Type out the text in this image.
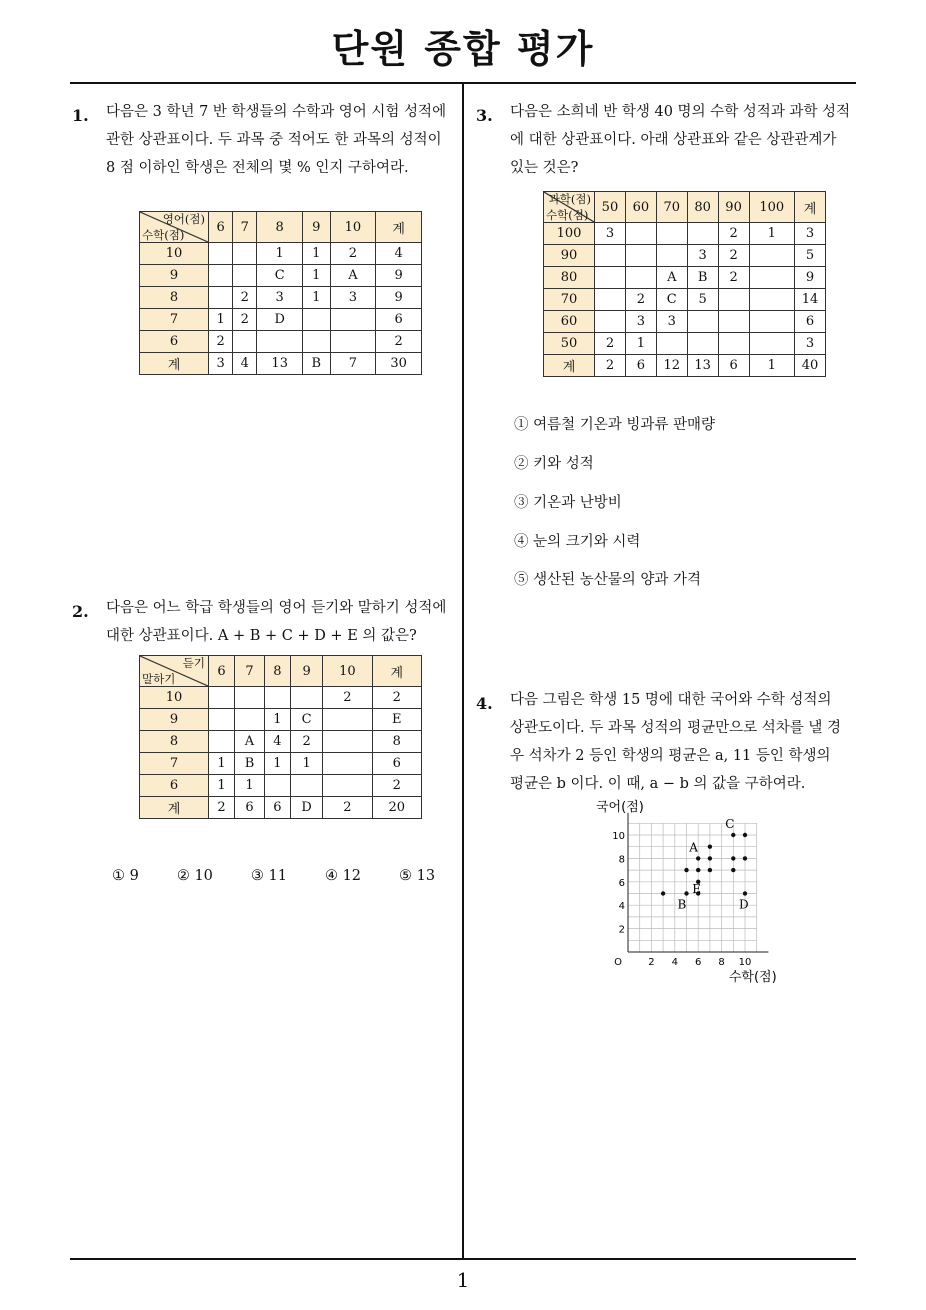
단원 종합 평가
1
1. 다음은 3 학년 7 반 학생들의 수학과 영어 시험 성적에
관한 상관표이다. 두 과목 중 적어도 한 과목의 성적이
8 점 이하인 학생은 전체의 몇 % 인지 구하여라.
영어(점)
수학(점)	6	7	8	9	10	계
10			1	1	2	4
9			C	1	A	9
8		2	3	1	3	9
7	1	2	D			6
6	2					2
계	3	4	13	B	7	30
2. 다음은 어느 학급 학생들의 영어 듣기와 말하기 성적에
대한 상관표이다. A + B + C + D + E 의 값은?
듣기
말하기	6	7	8	9	10	계
10					2	2
9			1	C		E
8		A	4	2		8
7	1	B	1	1		6
6	1	1				2
계	2	6	6	D	2	20
① 9	② 10	③ 11	④ 12	⑤ 13
3. 다음은 소희네 반 학생 40 명의 수학 성적과 과학 성적
에 대한 상관표이다. 아래 상관표와 같은 상관관계가
있는 것은?
과학(점)
수학(점)	50	60	70	80	90	100	계
100	3				2	1	3
90				3	2		5
80			A	B	2		9
70		2	C	5			14
60		3	3				6
50	2	1					3
계	2	6	12	13	6	1	40
① 여름철 기온과 빙과류 판매량
② 키와 성적
③ 기온과 난방비
④ 눈의 크기와 시력
⑤ 생산된 농산물의 양과 가격
4. 다음 그림은 학생 15 명에 대한 국어와 수학 성적의
상관도이다. 두 과목 성적의 평균만으로 석차를 낼 경
우 석차가 2 등인 학생의 평균은 a, 11 등인 학생의
평균은 b 이다. 이 때, a − b 의 값을 구하여라.
2 4 6 8 10
2
4
6
8
10
O
국어(점)
수학(점)
B	D
E
A
C
